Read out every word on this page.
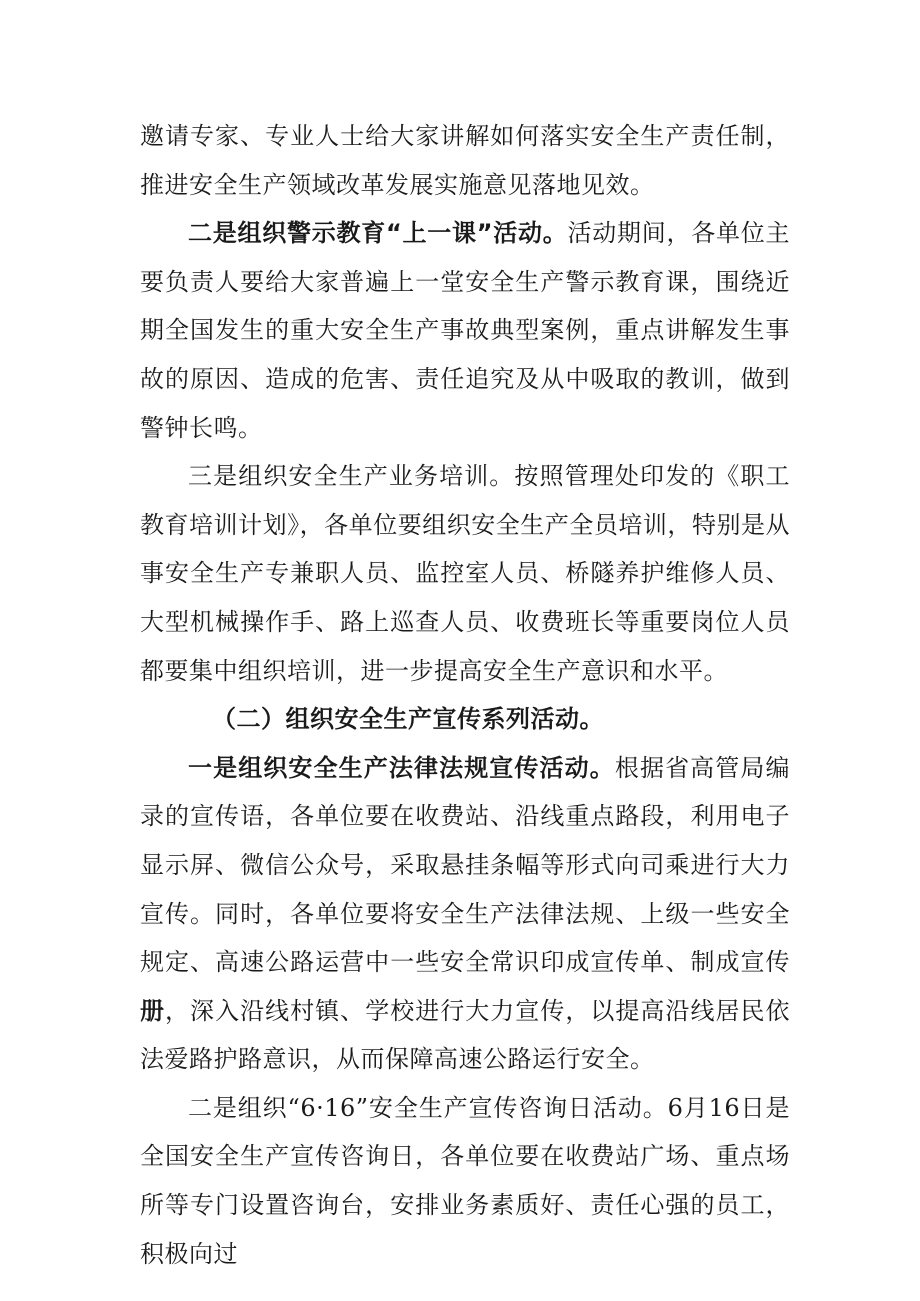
邀请专家、专业人士给大家讲解如何落实安全生产责任制，推进安全生产领域改革发展实施意见落地见效。

二是组织警示教育“上一课”活动。活动期间，各单位主要负责人要给大家普遍上一堂安全生产警示教育课，围绕近期全国发生的重大安全生产事故典型案例，重点讲解发生事故的原因、造成的危害、责任追究及从中吸取的教训，做到警钟长鸣。

三是组织安全生产业务培训。按照管理处印发的《职工教育培训计划》，各单位要组织安全生产全员培训，特别是从事安全生产专兼职人员、监控室人员、桥隧养护维修人员、大型机械操作手、路上巡查人员、收费班长等重要岗位人员都要集中组织培训，进一步提高安全生产意识和水平。

（二）组织安全生产宣传系列活动。

一是组织安全生产法律法规宣传活动。根据省高管局编录的宣传语，各单位要在收费站、沿线重点路段，利用电子显示屏、微信公众号，采取悬挂条幅等形式向司乘进行大力宣传。同时，各单位要将安全生产法律法规、上级一些安全规定、高速公路运营中一些安全常识印成宣传单、制成宣传册，深入沿线村镇、学校进行大力宣传，以提高沿线居民依法爱路护路意识，从而保障高速公路运行安全。

二是组织“6·16”安全生产宣传咨询日活动。6月16日是全国安全生产宣传咨询日，各单位要在收费站广场、重点场所等专门设置咨询台，安排业务素质好、责任心强的员工，积极向过
